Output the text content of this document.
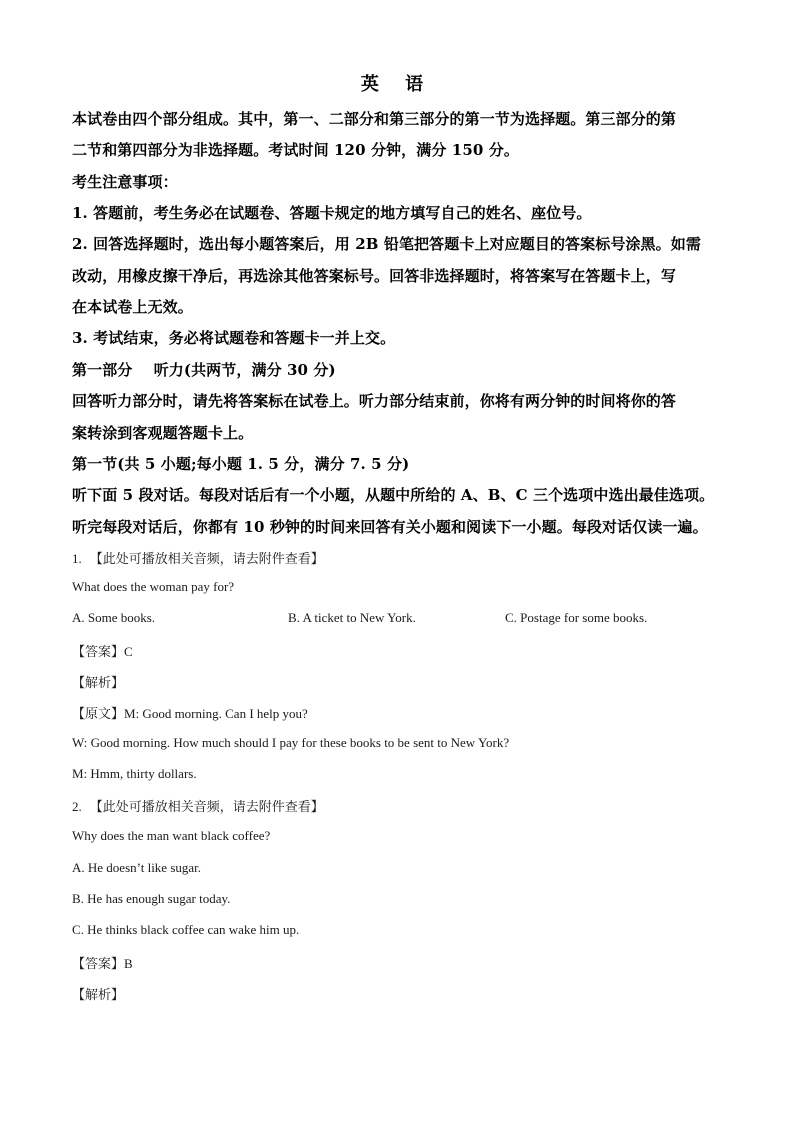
英 语

本试卷由四个部分组成。其中，第一、二部分和第三部分的第一节为选择题。第三部分的第

二节和第四部分为非选择题。考试时间 120 分钟，满分 150 分。

考生注意事项：

1. 答题前，考生务必在试题卷、答题卡规定的地方填写自己的姓名、座位号。

2. 回答选择题时，选出每小题答案后，用 2B 铅笔把答题卡上对应题目的答案标号涂黑。如需

改动，用橡皮擦干净后，再选涂其他答案标号。回答非选择题时，将答案写在答题卡上，写

在本试卷上无效。

3. 考试结束，务必将试题卷和答题卡一并上交。

第一部分    听力(共两节，满分 30 分)

回答听力部分时，请先将答案标在试卷上。听力部分结束前，你将有两分钟的时间将你的答

案转涂到客观题答题卡上。

第一节(共 5 小题;每小题 1. 5 分，满分 7. 5 分)

听下面 5 段对话。每段对话后有一个小题，从题中所给的 A、B、C 三个选项中选出最佳选项。

听完每段对话后，你都有 10 秒钟的时间来回答有关小题和阅读下一小题。每段对话仅读一遍。

1. 【此处可播放相关音频，请去附件查看】

What does the woman pay for?

A. Some books.	B. A ticket to New York.	C. Postage for some books.
【答案】C

【解析】

【原文】M: Good morning. Can I help you?

W: Good morning. How much should I pay for these books to be sent to New York?

M: Hmm, thirty dollars.

2. 【此处可播放相关音频，请去附件查看】

Why does the man want black coffee?

A. He doesn’t like sugar.

B. He has enough sugar today.

C. He thinks black coffee can wake him up.

【答案】B

【解析】
